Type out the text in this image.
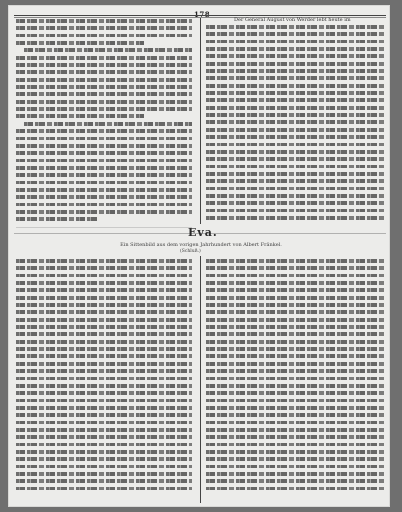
Der General August von Werder lebt heute im
Eva.
Ein Sittenbild aus dem vorigen Jahrhundert von Albert Fränkel.
(Schluß.)
